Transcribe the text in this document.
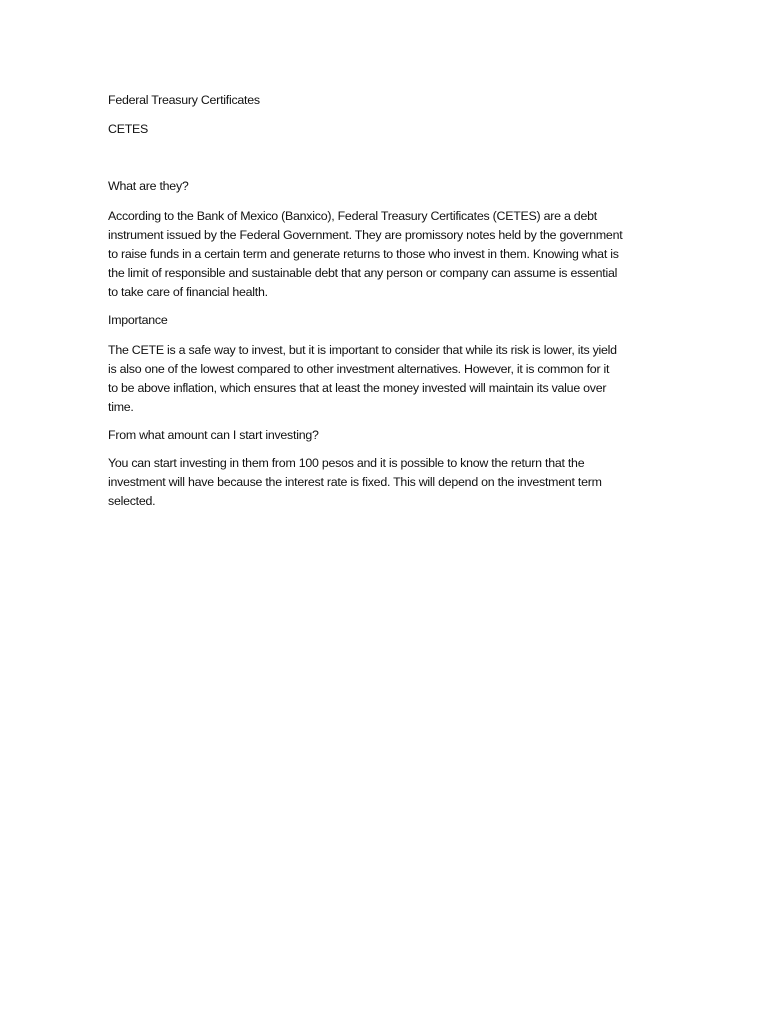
Federal Treasury Certificates
CETES
What are they?
According to the Bank of Mexico (Banxico), Federal Treasury Certificates (CETES) are a debt
instrument issued by the Federal Government. They are promissory notes held by the government
to raise funds in a certain term and generate returns to those who invest in them. Knowing what is
the limit of responsible and sustainable debt that any person or company can assume is essential
to take care of financial health.
Importance
The CETE is a safe way to invest, but it is important to consider that while its risk is lower, its yield
is also one of the lowest compared to other investment alternatives. However, it is common for it
to be above inflation, which ensures that at least the money invested will maintain its value over
time.
From what amount can I start investing?
You can start investing in them from 100 pesos and it is possible to know the return that the
investment will have because the interest rate is fixed. This will depend on the investment term
selected.
